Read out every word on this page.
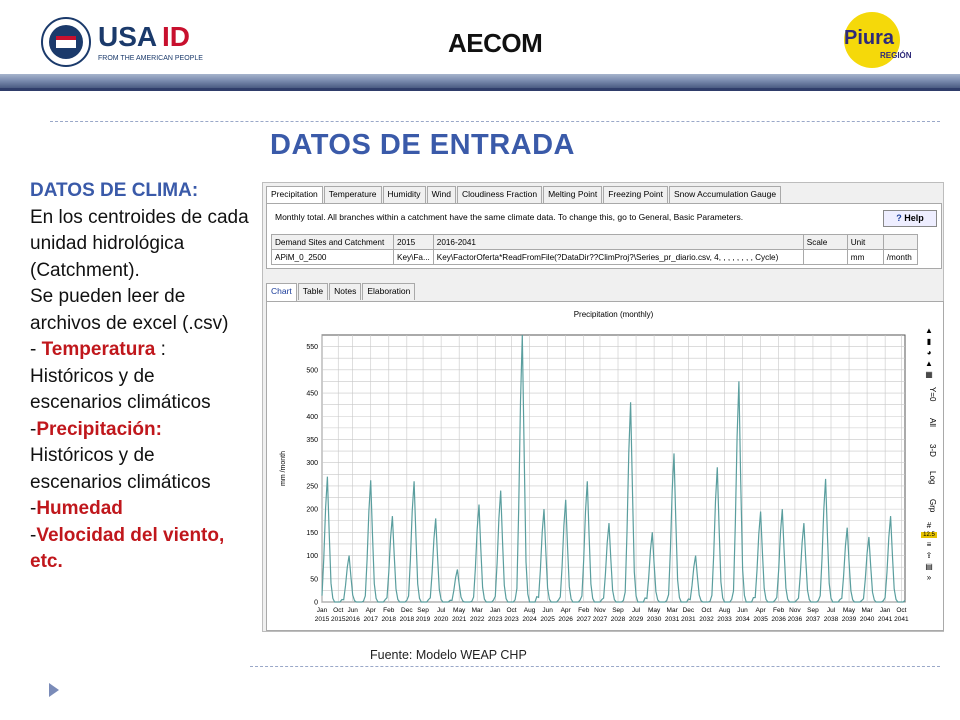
USA ID
FROM THE AMERICAN PEOPLE
AECOM	Piura
REGIÓN
DATOS DE ENTRADA
DATOS DE CLIMA:
En los centroides de cada unidad hidrológica (Catchment).
Se pueden leer de archivos de excel (.csv)
- Temperatura : Históricos y de escenarios climáticos
-Precipitación: Históricos y de escenarios climáticos
-Humedad
-Velocidad del viento, etc.
Precipitation	Temperature	Humidity	Wind	Cloudiness Fraction	Melting Point	Freezing Point	Snow Accumulation Gauge
Monthly total. All branches within a catchment have the same climate data. To change this, go to General, Basic Parameters.	? Help
Demand Sites and Catchment	2015	2016-2041	Scale	Unit	
APiM_0_2500	Key\Fa...	Key\FactorOferta*ReadFromFile(?DataDir??ClimProj?\Series_pr_diario.csv, 4, , , , , , , , Cycle)		mm	/month
Chart	Table	Notes	Elaboration
Precipitation (monthly)
0
50
100
150
200
250
300
350
400
450
500
550
mm /month
Jan
2015
Oct
2015
Jun
2016
Apr
2017
Feb
2018
Dec
2018
Sep
2019
Jul
2020
May
2021
Mar
2022
Jan
2023
Oct
2023
Aug
2024
Jun
2025
Apr
2026
Feb
2027
Nov
2027
Sep
2028
Jul
2029
May
2030
Mar
2031
Dec
2031
Oct
2032
Aug
2033
Jun
2034
Apr
2035
Feb
2036
Nov
2036
Sep
2037
Jul
2038
May
2039
Mar
2040
Jan
2041
Oct
2041
▲
▮
◕
▲
▦
Y=0
All
3-D
Log
Grp
#
12.5
≡
⇪
▤
»
Fuente: Modelo WEAP CHP
